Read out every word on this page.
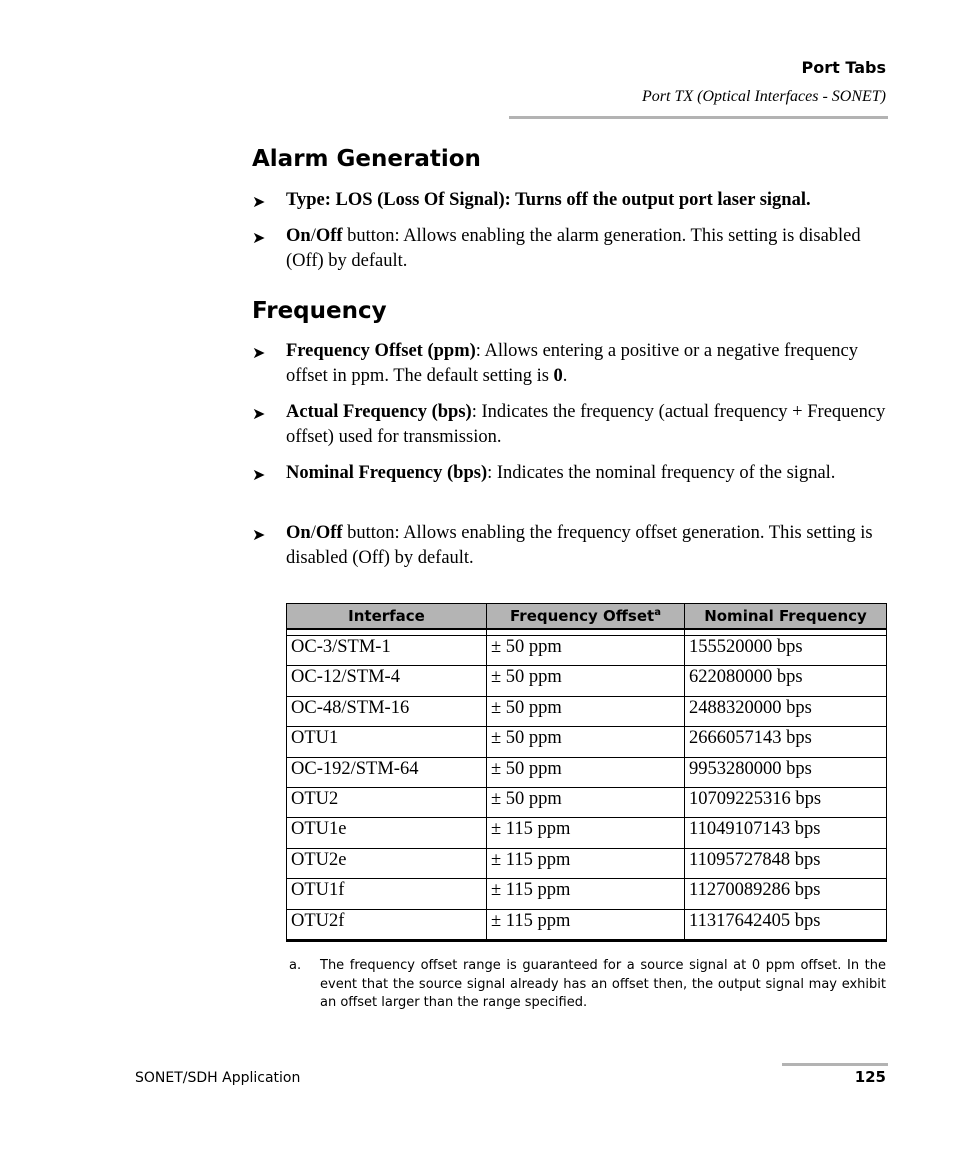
Port Tabs
Port TX (Optical Interfaces - SONET)
Alarm Generation
➤ Type: LOS (Loss Of Signal): Turns off the output port laser signal.
➤ On/Off button: Allows enabling the alarm generation. This setting is disabled (Off) by default.
Frequency
➤ Frequency Offset (ppm): Allows entering a positive or a negative frequency offset in ppm. The default setting is 0.
➤ Actual Frequency (bps): Indicates the frequency (actual frequency + Frequency offset) used for transmission.
➤ Nominal Frequency (bps): Indicates the nominal frequency of the signal.
➤ On/Off button: Allows enabling the frequency offset generation. This setting is disabled (Off) by default.
Interface	Frequency Offset$^a$	Nominal Frequency

OC-3/STM-1	± 50 ppm	155520000 bps
OC-12/STM-4	± 50 ppm	622080000 bps
OC-48/STM-16	± 50 ppm	2488320000 bps
OTU1	± 50 ppm	2666057143 bps
OC-192/STM-64	± 50 ppm	9953280000 bps
OTU2	± 50 ppm	10709225316 bps
OTU1e	± 115 ppm	11049107143 bps
OTU2e	± 115 ppm	11095727848 bps
OTU1f	± 115 ppm	11270089286 bps
OTU2f	± 115 ppm	11317642405 bps
a. The frequency offset range is guaranteed for a source signal at 0 ppm offset. In the event that the source signal already has an offset then, the output signal may exhibit an offset larger than the range specified.
SONET/SDH Application	125
